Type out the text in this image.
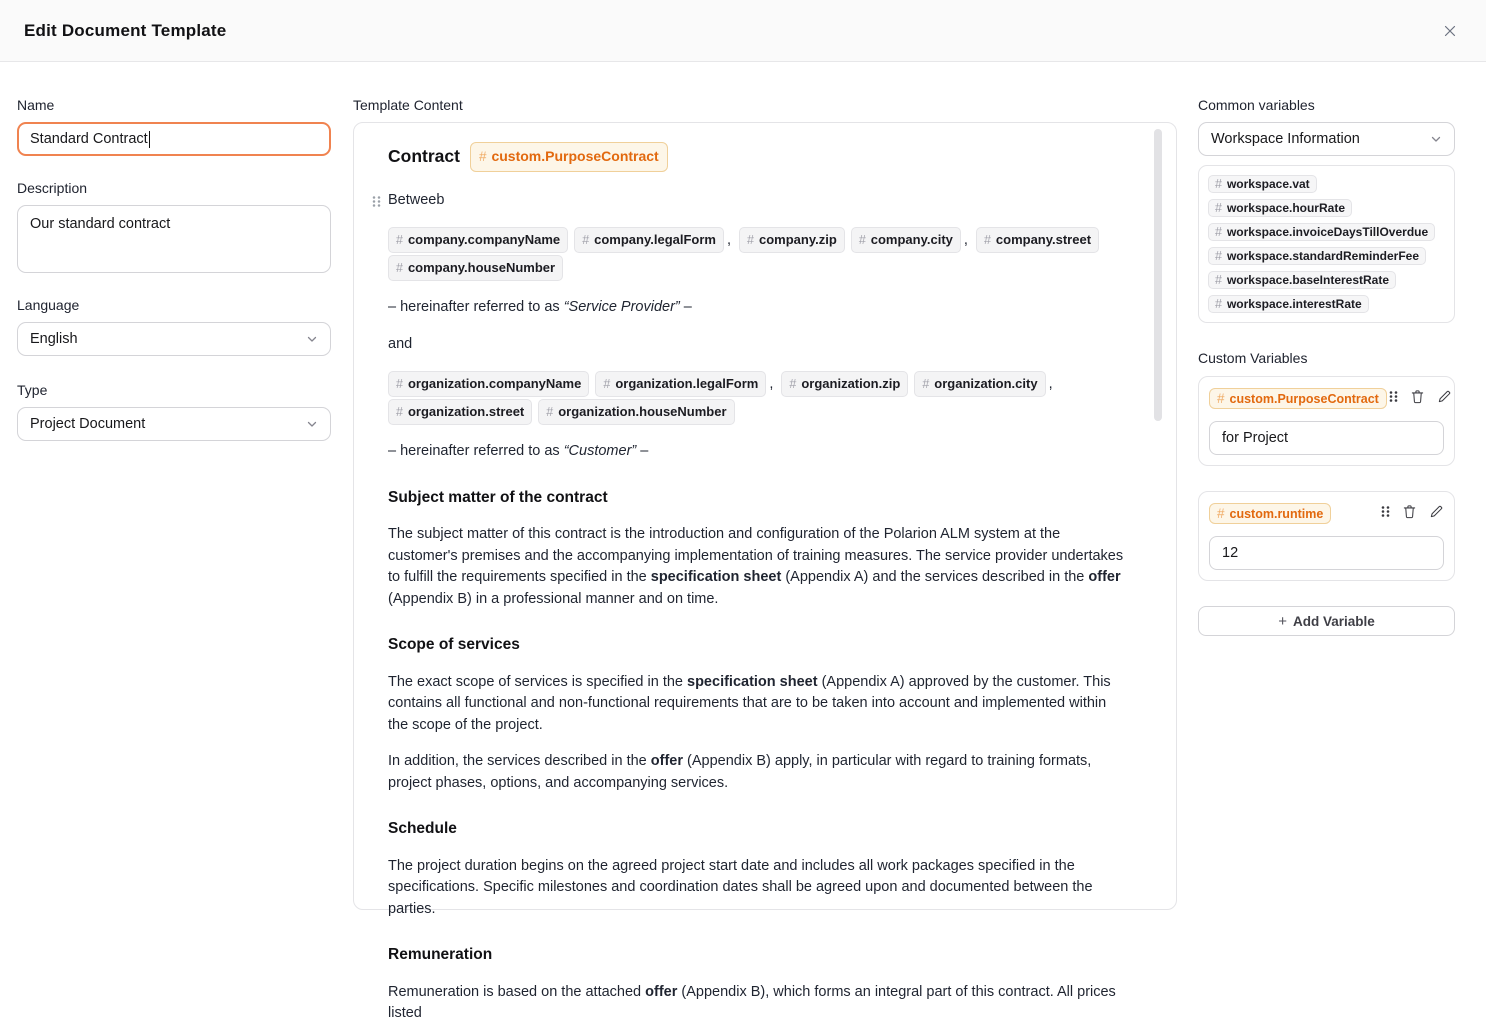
Edit Document Template
Name
Standard Contract
Description
Our standard contract
Language
English
Type
Project Document
Template Content
Contract # custom.PurposeContract

Betweeb

# company.companyName
# company.legalForm , # company.zip
# company.city , # company.street

# company.houseNumber

– hereinafter referred to as “Service Provider” –

and

# organization.companyName
# organization.legalForm , # organization.zip
# organization.city ,
# organization.street
# organization.houseNumber

– hereinafter referred to as “Customer” –

Subject matter of the contract

The subject matter of this contract is the introduction and configuration of the Polarion ALM system at the customer's premises and the accompanying implementation of training measures. The service provider undertakes to fulfill the requirements specified in the specification sheet (Appendix A) and the services described in the offer (Appendix B) in a professional manner and on time.

Scope of services

The exact scope of services is specified in the specification sheet (Appendix A) approved by the customer. This contains all functional and non-functional requirements that are to be taken into account and implemented within the scope of the project.

In addition, the services described in the offer (Appendix B) apply, in particular with regard to training formats, project phases, options, and accompanying services.

Schedule

The project duration begins on the agreed project start date and includes all work packages specified in the specifications. Specific milestones and coordination dates shall be agreed upon and documented between the parties.

Remuneration

Remuneration is based on the attached offer (Appendix B), which forms an integral part of this contract. All prices listed

Common variables
Workspace Information
# workspace.vat
# workspace.hourRate
# workspace.invoiceDaysTillOverdue
# workspace.standardReminderFee
# workspace.baseInterestRate
# workspace.interestRate
Custom Variables
# custom.PurposeContract
for Project
# custom.runtime
12
+ Add Variable
